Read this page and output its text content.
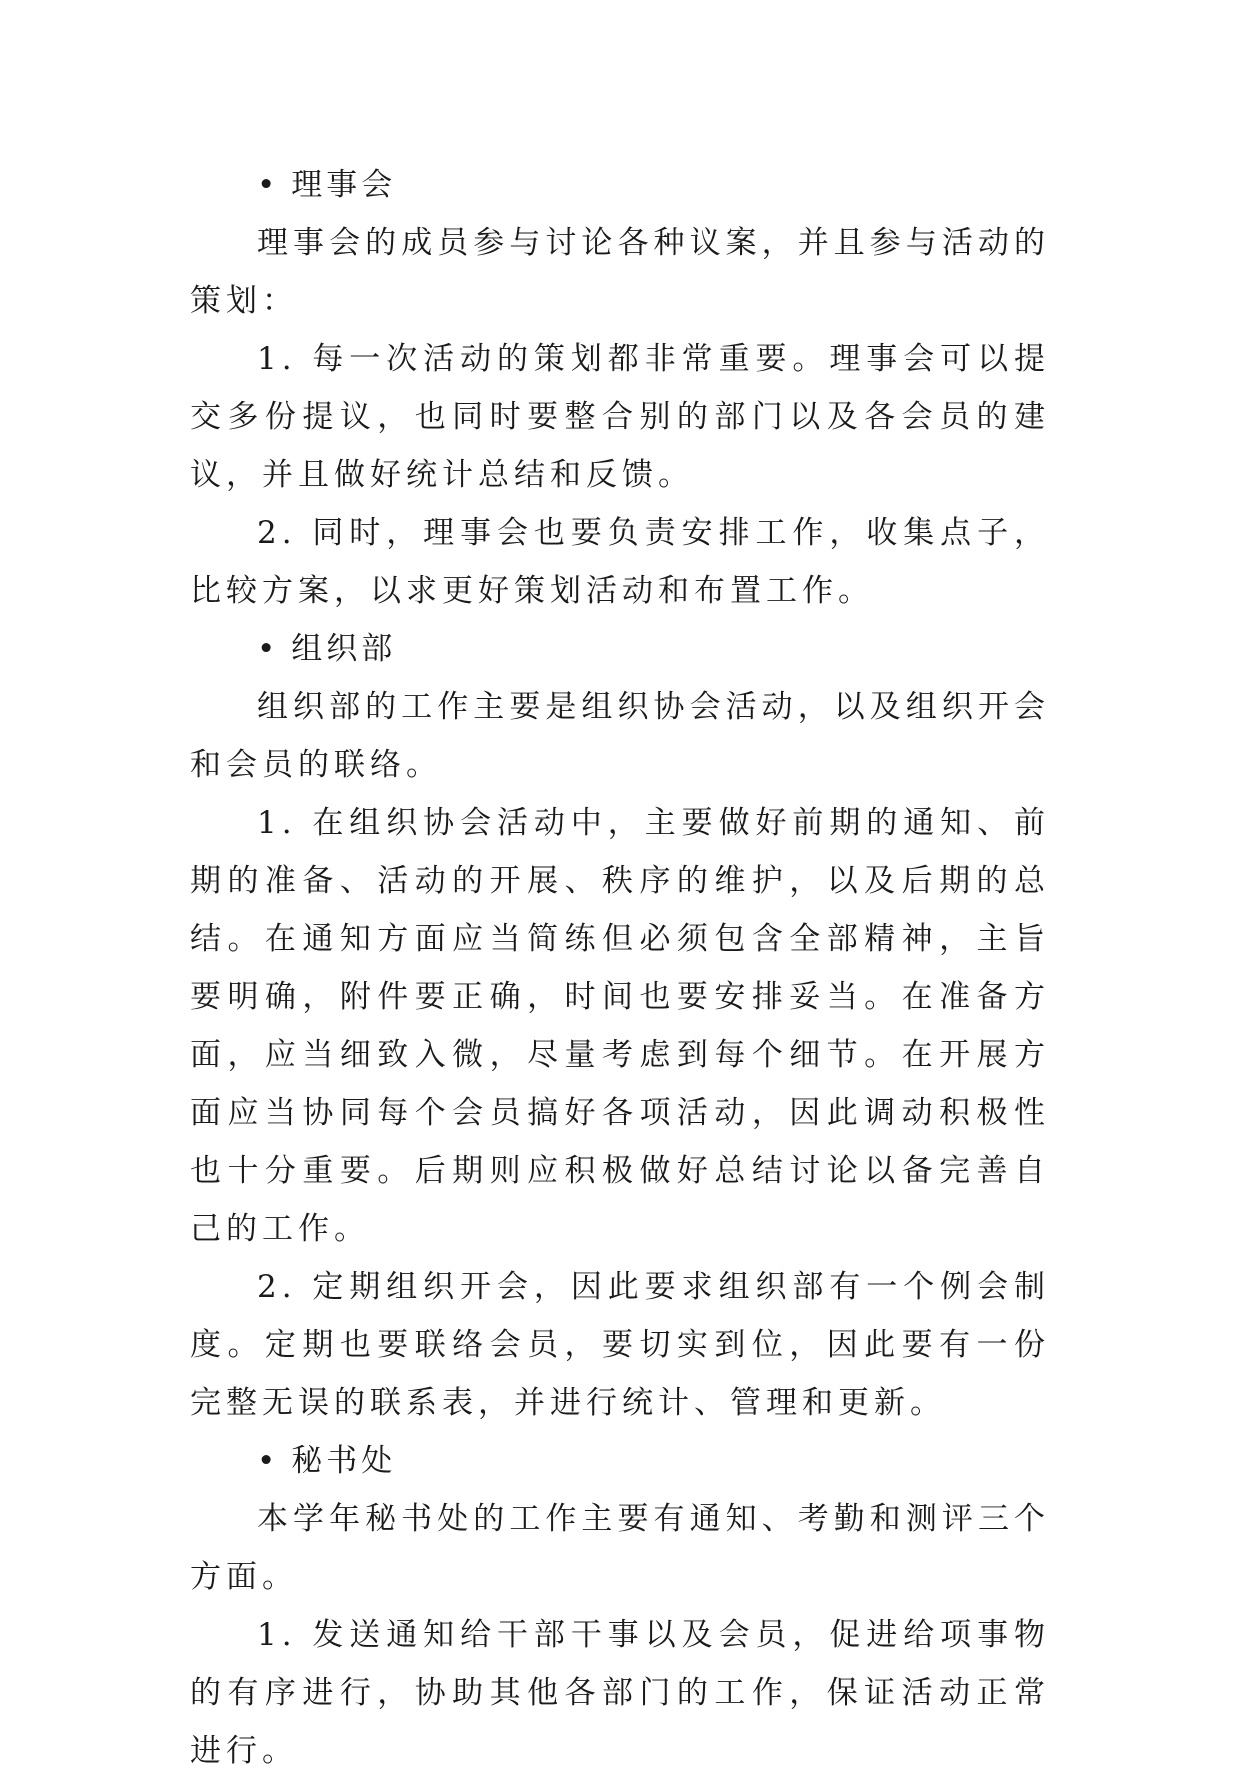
• 理事会

理事会的成员参与讨论各种议案，并且参与活动的策划：

1. 每一次活动的策划都非常重要。理事会可以提交多份提议，也同时要整合别的部门以及各会员的建议，并且做好统计总结和反馈。

2. 同时，理事会也要负责安排工作，收集点子，比较方案，以求更好策划活动和布置工作。

• 组织部

组织部的工作主要是组织协会活动，以及组织开会和会员的联络。

1. 在组织协会活动中，主要做好前期的通知、前期的准备、活动的开展、秩序的维护，以及后期的总结。在通知方面应当简练但必须包含全部精神，主旨要明确，附件要正确，时间也要安排妥当。在准备方面，应当细致入微，尽量考虑到每个细节。在开展方面应当协同每个会员搞好各项活动，因此调动积极性也十分重要。后期则应积极做好总结讨论以备完善自己的工作。

2. 定期组织开会，因此要求组织部有一个例会制度。定期也要联络会员，要切实到位，因此要有一份完整无误的联系表，并进行统计、管理和更新。

• 秘书处

本学年秘书处的工作主要有通知、考勤和测评三个方面。

1. 发送通知给干部干事以及会员，促进给项事物的有序进行，协助其他各部门的工作，保证活动正常进行。
